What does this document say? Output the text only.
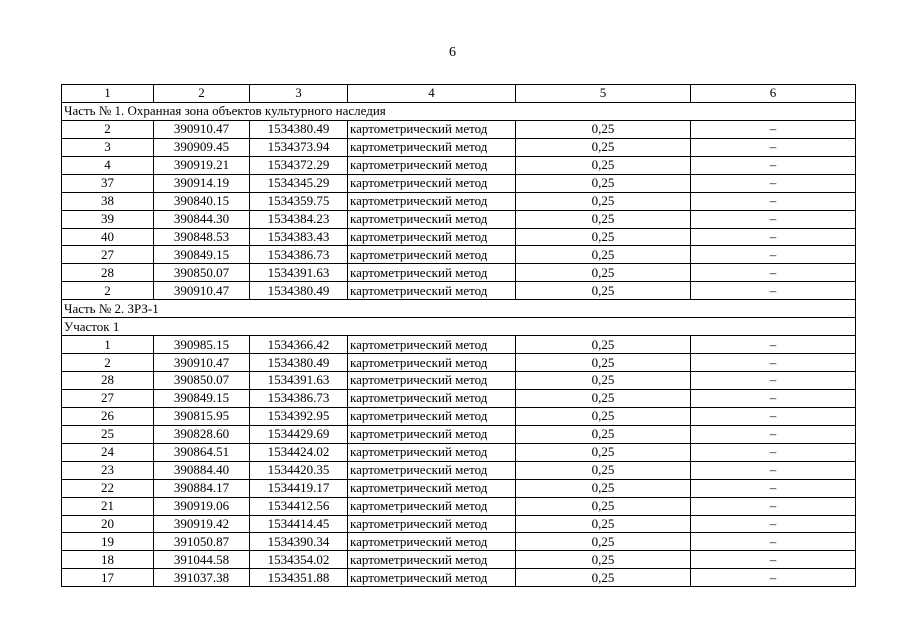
6
1	2	3	4	5	6
Часть № 1. Охранная зона объектов культурного наследия					
2	390910.47	1534380.49	картометрический метод	0,25	–
3	390909.45	1534373.94	картометрический метод	0,25	–
4	390919.21	1534372.29	картометрический метод	0,25	–
37	390914.19	1534345.29	картометрический метод	0,25	–
38	390840.15	1534359.75	картометрический метод	0,25	–
39	390844.30	1534384.23	картометрический метод	0,25	–
40	390848.53	1534383.43	картометрический метод	0,25	–
27	390849.15	1534386.73	картометрический метод	0,25	–
28	390850.07	1534391.63	картометрический метод	0,25	–
2	390910.47	1534380.49	картометрический метод	0,25	–
Часть № 2. ЗРЗ-1					
Участок 1					
1	390985.15	1534366.42	картометрический метод	0,25	–
2	390910.47	1534380.49	картометрический метод	0,25	–
28	390850.07	1534391.63	картометрический метод	0,25	–
27	390849.15	1534386.73	картометрический метод	0,25	–
26	390815.95	1534392.95	картометрический метод	0,25	–
25	390828.60	1534429.69	картометрический метод	0,25	–
24	390864.51	1534424.02	картометрический метод	0,25	–
23	390884.40	1534420.35	картометрический метод	0,25	–
22	390884.17	1534419.17	картометрический метод	0,25	–
21	390919.06	1534412.56	картометрический метод	0,25	–
20	390919.42	1534414.45	картометрический метод	0,25	–
19	391050.87	1534390.34	картометрический метод	0,25	–
18	391044.58	1534354.02	картометрический метод	0,25	–
17	391037.38	1534351.88	картометрический метод	0,25	–
